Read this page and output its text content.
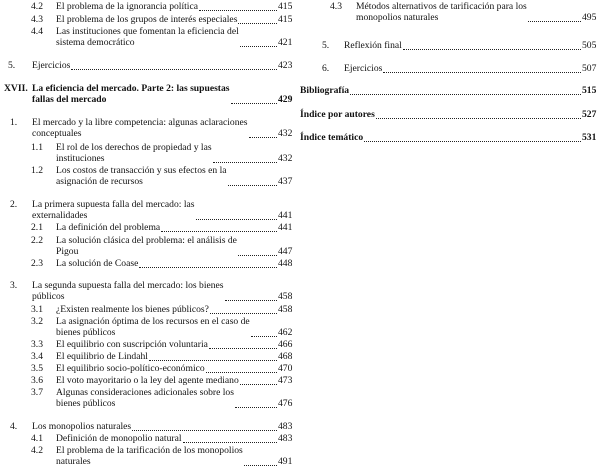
4.2 El problema de la ignorancia política	415
4.3 El problema de los grupos de interés especiales	415
4.4 Las instituciones que fomentan la eficiencia del
sistema democrático	421
5. Ejercicios	423
XVII. La eficiencia del mercado. Parte 2: las supuestas
fallas del mercado	429
1. El mercado y la libre competencia: algunas aclaraciones
conceptuales	432
1.1 El rol de los derechos de propiedad y las
instituciones	432
1.2 Los costos de transacción y sus efectos en la
asignación de recursos	437
2. La primera supuesta falla del mercado: las
externalidades	441
2.1 La definición del problema	441
2.2 La solución clásica del problema: el análisis de
Pigou	447
2.3 La solución de Coase	448
3. La segunda supuesta falla del mercado: los bienes
públicos	458
3.1 ¿Existen realmente los bienes públicos?	458
3.2 La asignación óptima de los recursos en el caso de
bienes públicos	462
3.3 El equilibrio con suscripción voluntaria	466
3.4 El equilibrio de Lindahl	468
3.5 El equilibrio socio-político-económico	470
3.6 El voto mayoritario o la ley del agente mediano	473
3.7 Algunas consideraciones adicionales sobre los
bienes públicos	476
4. Los monopolios naturales	483
4.1 Definición de monopolio natural	483
4.2 El problema de la tarificación de los monopolios
naturales	491
4.3 Métodos alternativos de tarificación para los
monopolios naturales	495
5. Reflexión final	505
6. Ejercicios	507
Bibliografía	515
Índice por autores	527
Índice temático	531
